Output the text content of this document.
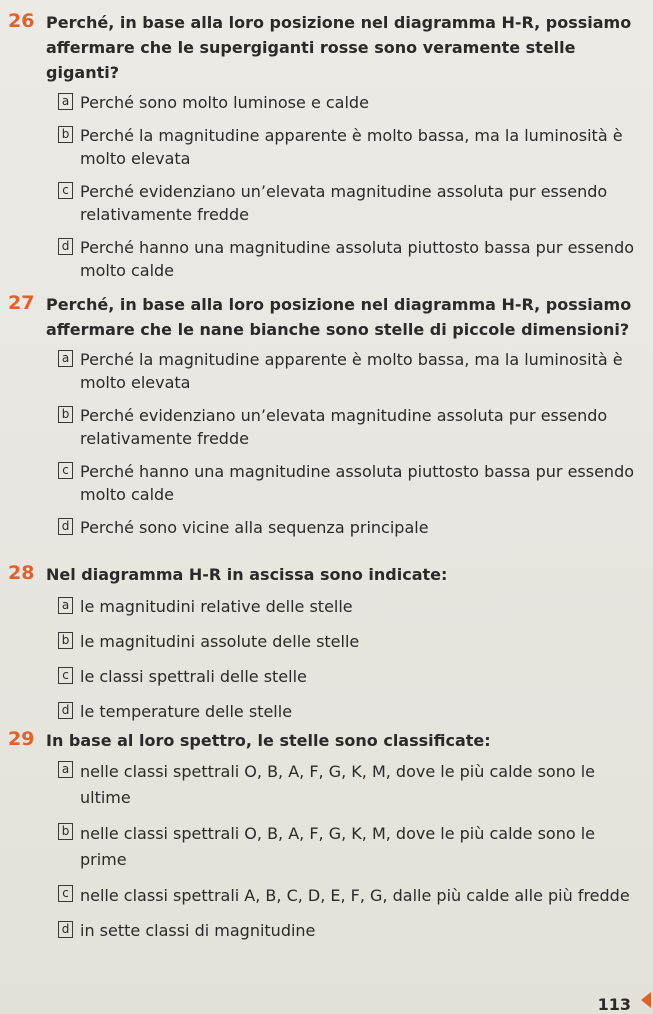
26 Perché, in base alla loro posizione nel diagramma H-R, possiamo affermare che le supergiganti rosse sono veramente stelle giganti?
a Perché sono molto luminose e calde
b Perché la magnitudine apparente è molto bassa, ma la luminosità è molto elevata
c Perché evidenziano un’elevata magnitudine assoluta pur essendo relativamente fredde
d Perché hanno una magnitudine assoluta piuttosto bassa pur essendo molto calde
27 Perché, in base alla loro posizione nel diagramma H-R, possiamo affermare che le nane bianche sono stelle di piccole dimensioni?
a Perché la magnitudine apparente è molto bassa, ma la luminosità è molto elevata
b Perché evidenziano un’elevata magnitudine assoluta pur essendo relativamente fredde
c Perché hanno una magnitudine assoluta piuttosto bassa pur essendo molto calde
d Perché sono vicine alla sequenza principale
28 Nel diagramma H-R in ascissa sono indicate:
a le magnitudini relative delle stelle
b le magnitudini assolute delle stelle
c le classi spettrali delle stelle
d le temperature delle stelle
29 In base al loro spettro, le stelle sono classificate:
a nelle classi spettrali O, B, A, F, G, K, M, dove le più calde sono le ultime
b nelle classi spettrali O, B, A, F, G, K, M, dove le più calde sono le prime
c nelle classi spettrali A, B, C, D, E, F, G, dalle più calde alle più fredde
d in sette classi di magnitudine
113
